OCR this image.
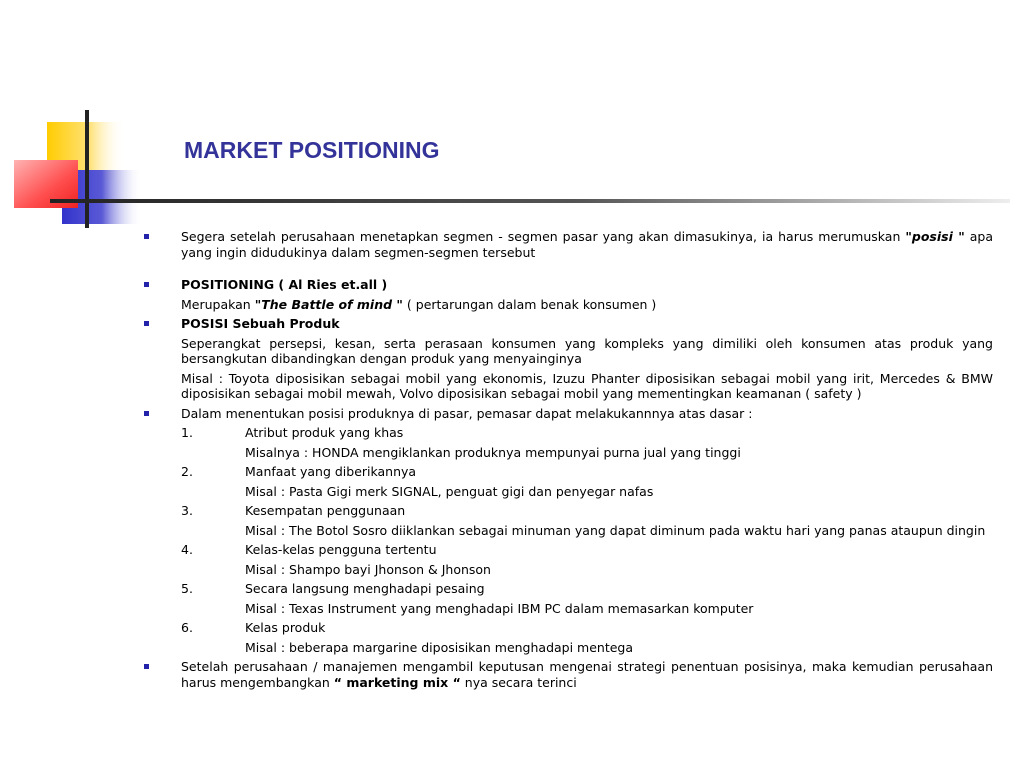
MARKET POSITIONING
Segera setelah perusahaan menetapkan segmen - segmen pasar yang akan dimasukinya, ia harus merumuskan "posisi " apa yang ingin didudukinya dalam segmen-segmen tersebut
POSITIONING ( Al Ries et.all )
Merupakan "The Battle of mind " ( pertarungan dalam benak konsumen )
POSISI Sebuah Produk
Seperangkat persepsi, kesan, serta perasaan konsumen yang kompleks yang dimiliki oleh konsumen atas produk yang bersangkutan dibandingkan dengan produk yang menyainginya
Misal : Toyota diposisikan sebagai mobil yang ekonomis, Izuzu Phanter diposisikan sebagai mobil yang irit, Mercedes & BMW diposisikan sebagai mobil mewah, Volvo diposisikan sebagai mobil yang mementingkan keamanan ( safety )
Dalam menentukan posisi produknya di pasar, pemasar dapat melakukannnya atas dasar :
1.	Atribut produk yang khas
Misalnya : HONDA mengiklankan produknya mempunyai purna jual yang tinggi
2.	Manfaat yang diberikannya
Misal : Pasta Gigi merk SIGNAL, penguat gigi dan penyegar nafas
3.	Kesempatan penggunaan
Misal : The Botol Sosro diiklankan sebagai minuman yang dapat diminum pada waktu hari yang panas ataupun dingin
4.	Kelas-kelas pengguna tertentu
Misal : Shampo bayi Jhonson & Jhonson
5.	Secara langsung menghadapi pesaing
Misal : Texas Instrument yang menghadapi IBM PC dalam memasarkan komputer
6.	Kelas produk
Misal : beberapa margarine diposisikan menghadapi mentega
Setelah perusahaan / manajemen mengambil keputusan mengenai strategi penentuan posisinya, maka kemudian perusahaan harus mengembangkan “ marketing mix “ nya secara terinci
